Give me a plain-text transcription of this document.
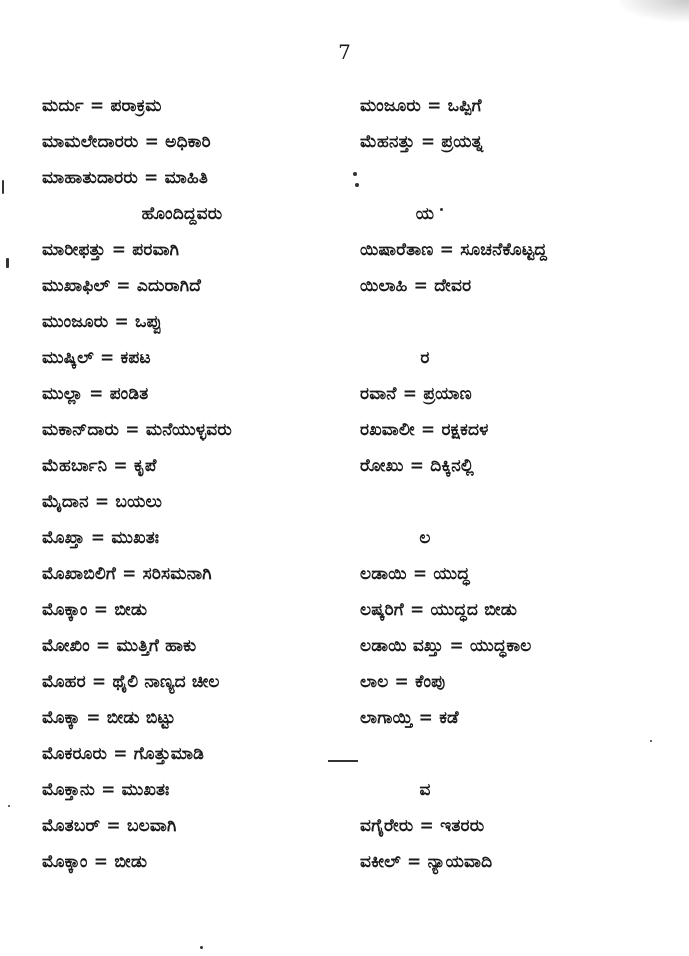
7
ಮರ್ದು = ಪರಾಕ್ರಮ
ಮಾಮಲೇದಾರರು = ಅಧಿಕಾರಿ
ಮಾಹಾತುದಾರರು = ಮಾಹಿತಿ
ಹೊಂದಿದ್ದವರು
ಮಾರೀಫತ್ತು = ಪರವಾಗಿ
ಮುಖಾಫಿಲ್ = ಎದುರಾಗಿದೆ
ಮುಂಜೂರು = ಒಪ್ಪು
ಮುಷ್ಕಿಲ್ = ಕಪಟ
ಮುಲ್ಲಾ = ಪಂಡಿತ
ಮಕಾನ್‌ದಾರು = ಮನೆಯುಳ್ಳವರು
ಮೆಹರ್ಬಾನಿ = ಕೃಪೆ
ಮೈದಾನ = ಬಯಲು
ಮೊಖ್ತಾ = ಮುಖತಃ
ಮೊಖಾಬಿಲಿಗೆ = ಸರಿಸಮನಾಗಿ
ಮೊಕ್ಕಾಂ = ಬೀಡು
ಮೋಖಿಂ = ಮುತ್ತಿಗೆ ಹಾಕು
ಮೊಹರ = ಥೈಲಿ ನಾಣ್ಯದ ಚೀಲ
ಮೊಕ್ಕಾ = ಬೀಡು ಬಿಟ್ಟು
ಮೊಕರೂರು = ಗೊತ್ತುಮಾಡಿ
ಮೊಕ್ತಾನು = ಮುಖತಃ
ಮೊತಬರ್ = ಬಲವಾಗಿ
ಮೊಕ್ಕಾಂ = ಬೀಡು
ಮಂಜೂರು = ಒಪ್ಪಿಗೆ
ಮೆಹನತ್ತು = ಪ್ರಯತ್ನ
ಯ
ಯಿಷಾರೆತಾಣ = ಸೂಚನೆಕೊಟ್ಟದ್ದ
ಯಿಲಾಹಿ = ದೇವರ
ರ
ರವಾನೆ = ಪ್ರಯಾಣ
ರಖವಾಲೀ = ರಕ್ಷಕದಳ
ರೋಖು = ದಿಕ್ಕಿನಲ್ಲಿ
ಲ
ಲಡಾಯಿ = ಯುದ್ಧ
ಲಷ್ಕರಿಗೆ = ಯುದ್ಧದ ಬೀಡು
ಲಡಾಯಿ ವಖ್ತು = ಯುದ್ಧಕಾಲ
ಲಾಲ = ಕೆಂಪು
ಲಾಗಾಯ್ತಿ = ಕಡೆ
ವ
ವಗೈರೇರು = ಇತರರು
ವಕೀಲ್ = ನ್ಯಾಯವಾದಿ
